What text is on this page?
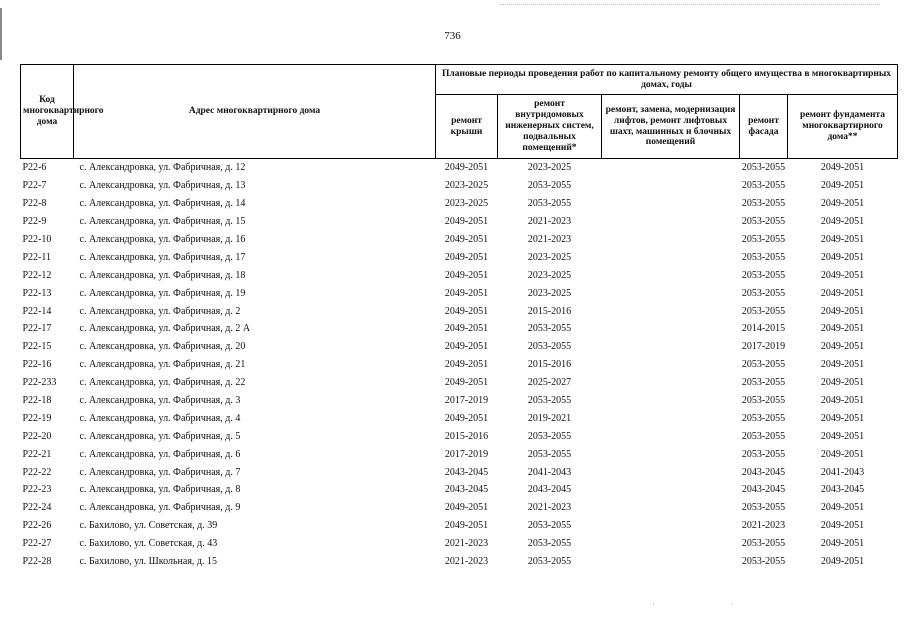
736
Код многоквартирного дома	Адрес многоквартирного дома	Плановые периоды проведения работ по капитальному ремонту общего имущества в многоквартирных домах, годы				
		ремонт крыши	ремонт внутридомовых инженерных систем, подвальных помещений*	ремонт, замена, модернизация лифтов, ремонт лифтовых шахт, машинных и блочных помещений	ремонт фасада	ремонт фундамента многоквартирного дома**
Р22-6	с. Александровка, ул. Фабричная, д. 12	2049-2051	2023-2025		2053-2055	2049-2051
Р22-7	с. Александровка, ул. Фабричная, д. 13	2023-2025	2053-2055		2053-2055	2049-2051
Р22-8	с. Александровка, ул. Фабричная, д. 14	2023-2025	2053-2055		2053-2055	2049-2051
Р22-9	с. Александровка, ул. Фабричная, д. 15	2049-2051	2021-2023		2053-2055	2049-2051
Р22-10	с. Александровка, ул. Фабричная, д. 16	2049-2051	2021-2023		2053-2055	2049-2051
Р22-11	с. Александровка, ул. Фабричная, д. 17	2049-2051	2023-2025		2053-2055	2049-2051
Р22-12	с. Александровка, ул. Фабричная, д. 18	2049-2051	2023-2025		2053-2055	2049-2051
Р22-13	с. Александровка, ул. Фабричная, д. 19	2049-2051	2023-2025		2053-2055	2049-2051
Р22-14	с. Александровка, ул. Фабричная, д. 2	2049-2051	2015-2016		2053-2055	2049-2051
Р22-17	с. Александровка, ул. Фабричная, д. 2 А	2049-2051	2053-2055		2014-2015	2049-2051
Р22-15	с. Александровка, ул. Фабричная, д. 20	2049-2051	2053-2055		2017-2019	2049-2051
Р22-16	с. Александровка, ул. Фабричная, д. 21	2049-2051	2015-2016		2053-2055	2049-2051
Р22-233	с. Александровка, ул. Фабричная, д. 22	2049-2051	2025-2027		2053-2055	2049-2051
Р22-18	с. Александровка, ул. Фабричная, д. 3	2017-2019	2053-2055		2053-2055	2049-2051
Р22-19	с. Александровка, ул. Фабричная, д. 4	2049-2051	2019-2021		2053-2055	2049-2051
Р22-20	с. Александровка, ул. Фабричная, д. 5	2015-2016	2053-2055		2053-2055	2049-2051
Р22-21	с. Александровка, ул. Фабричная, д. 6	2017-2019	2053-2055		2053-2055	2049-2051
Р22-22	с. Александровка, ул. Фабричная, д. 7	2043-2045	2041-2043		2043-2045	2041-2043
Р22-23	с. Александровка, ул. Фабричная, д. 8	2043-2045	2043-2045		2043-2045	2043-2045
Р22-24	с. Александровка, ул. Фабричная, д. 9	2049-2051	2021-2023		2053-2055	2049-2051
Р22-26	с. Бахилово, ул. Советская, д. 39	2049-2051	2053-2055		2021-2023	2049-2051
Р22-27	с. Бахилово, ул. Советская, д. 43	2021-2023	2053-2055		2053-2055	2049-2051
Р22-28	с. Бахилово, ул. Школьная, д. 15	2021-2023	2053-2055		2053-2055	2049-2051
·                                      ·
